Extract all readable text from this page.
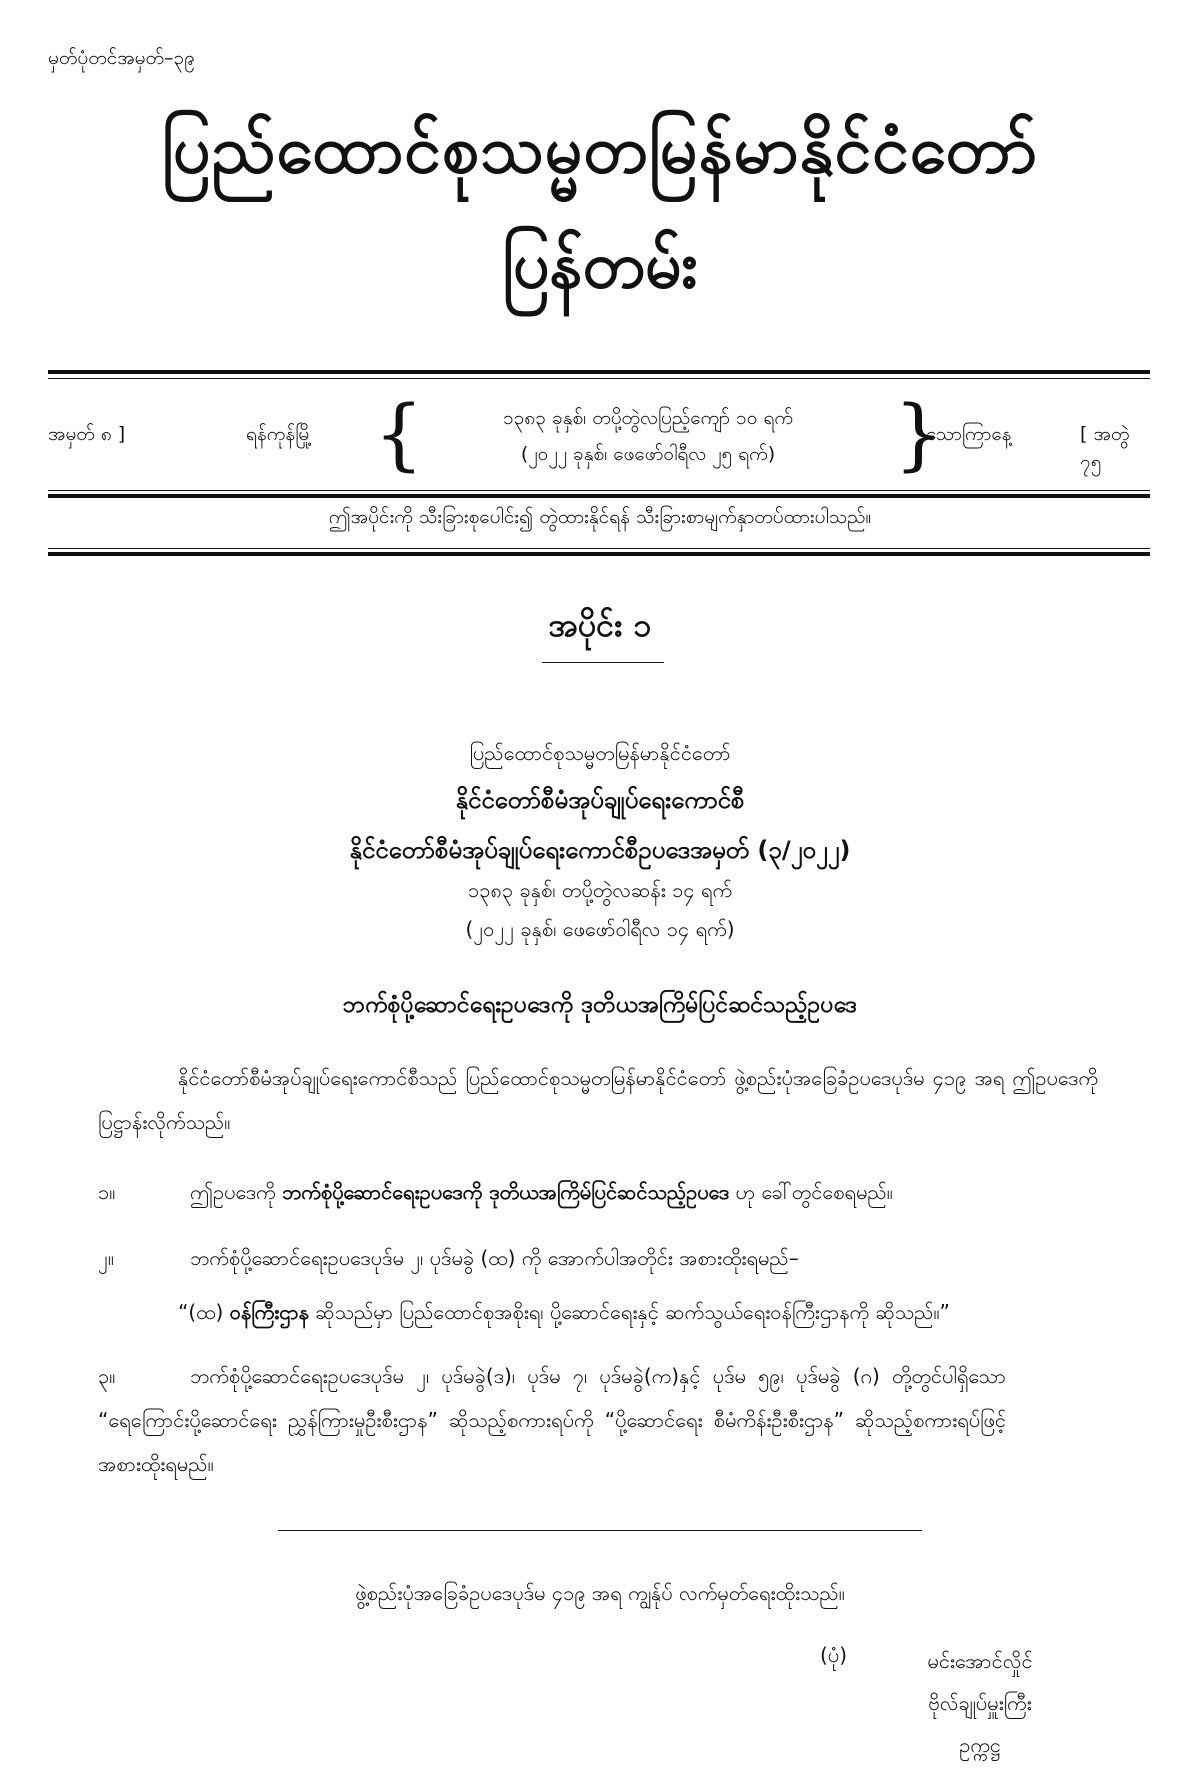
မှတ်ပုံတင်အမှတ်–၃၉
ပြည်ထောင်စုသမ္မတမြန်မာနိုင်ငံတော်
ပြန်တမ်း
အမှတ် ၈ ]	ရန်ကုန်မြို့ {	၁၃၈၃ ခုနှစ်၊ တပို့တွဲလပြည့်ကျော် ၁၀ ရက်
(၂၀၂၂ ခုနှစ်၊ ဖေဖော်ဝါရီလ ၂၅ ရက်)	}
သောကြာနေ့	[ အတွဲ ၇၅
ဤအပိုင်းကို သီးခြားစုပေါင်း၍ တွဲထားနိုင်ရန် သီးခြားစာမျက်နှာတပ်ထားပါသည်။
အပိုင်း ၁
ပြည်ထောင်စုသမ္မတမြန်မာနိုင်ငံတော်
နိုင်ငံတော်စီမံအုပ်ချုပ်ရေးကောင်စီ
နိုင်ငံတော်စီမံအုပ်ချုပ်ရေးကောင်စီဥပဒေအမှတ် (၃/၂၀၂၂)
၁၃၈၃ ခုနှစ်၊ တပို့တွဲလဆန်း ၁၄ ရက်
(၂၀၂၂ ခုနှစ်၊ ဖေဖော်ဝါရီလ ၁၄ ရက်)
ဘက်စုံပို့ဆောင်ရေးဥပဒေကို ဒုတိယအကြိမ်ပြင်ဆင်သည့်ဥပဒေ
နိုင်ငံတော်စီမံအုပ်ချုပ်ရေးကောင်စီသည် ပြည်ထောင်စုသမ္မတမြန်မာနိုင်ငံတော် ဖွဲ့စည်းပုံအခြေခံဥပဒေပုဒ်မ ၄၁၉ အရ ဤဥပဒေကို ပြဋ္ဌာန်းလိုက်သည်။
၁။	ဤဥပဒေကို ဘက်စုံပို့ဆောင်ရေးဥပဒေကို ဒုတိယအကြိမ်ပြင်ဆင်သည့်ဥပဒေ ဟု ခေါ်တွင်စေရမည်။
၂။	ဘက်စုံပို့ဆောင်ရေးဥပဒေပုဒ်မ ၂၊ ပုဒ်မခွဲ (ထ) ကို အောက်ပါအတိုင်း အစားထိုးရမည်–
“(ထ) ဝန်ကြီးဌာန ဆိုသည်မှာ ပြည်ထောင်စုအစိုးရ၊ ပို့ဆောင်ရေးနှင့် ဆက်သွယ်ရေးဝန်ကြီးဌာနကို ဆိုသည်။”
၃။	ဘက်စုံပို့ဆောင်ရေးဥပဒေပုဒ်မ ၂၊ ပုဒ်မခွဲ(ဒ)၊ ပုဒ်မ ၇၊ ပုဒ်မခွဲ(က)နှင့် ပုဒ်မ ၅၉၊ ပုဒ်မခွဲ (ဂ) တို့တွင်ပါရှိသော “ရေကြောင်းပို့ဆောင်ရေး ညွှန်ကြားမှုဦးစီးဌာန” ဆိုသည့်စကားရပ်ကို “ပို့ဆောင်ရေး စီမံကိန်းဦးစီးဌာန” ဆိုသည့်စကားရပ်ဖြင့် အစားထိုးရမည်။
ဖွဲ့စည်းပုံအခြေခံဥပဒေပုဒ်မ ၄၁၉ အရ ကျွန်ုပ် လက်မှတ်ရေးထိုးသည်။
(ပုံ)	မင်းအောင်လှိုင်
ဗိုလ်ချုပ်မှူးကြီး
ဥက္ကဋ္ဌ
